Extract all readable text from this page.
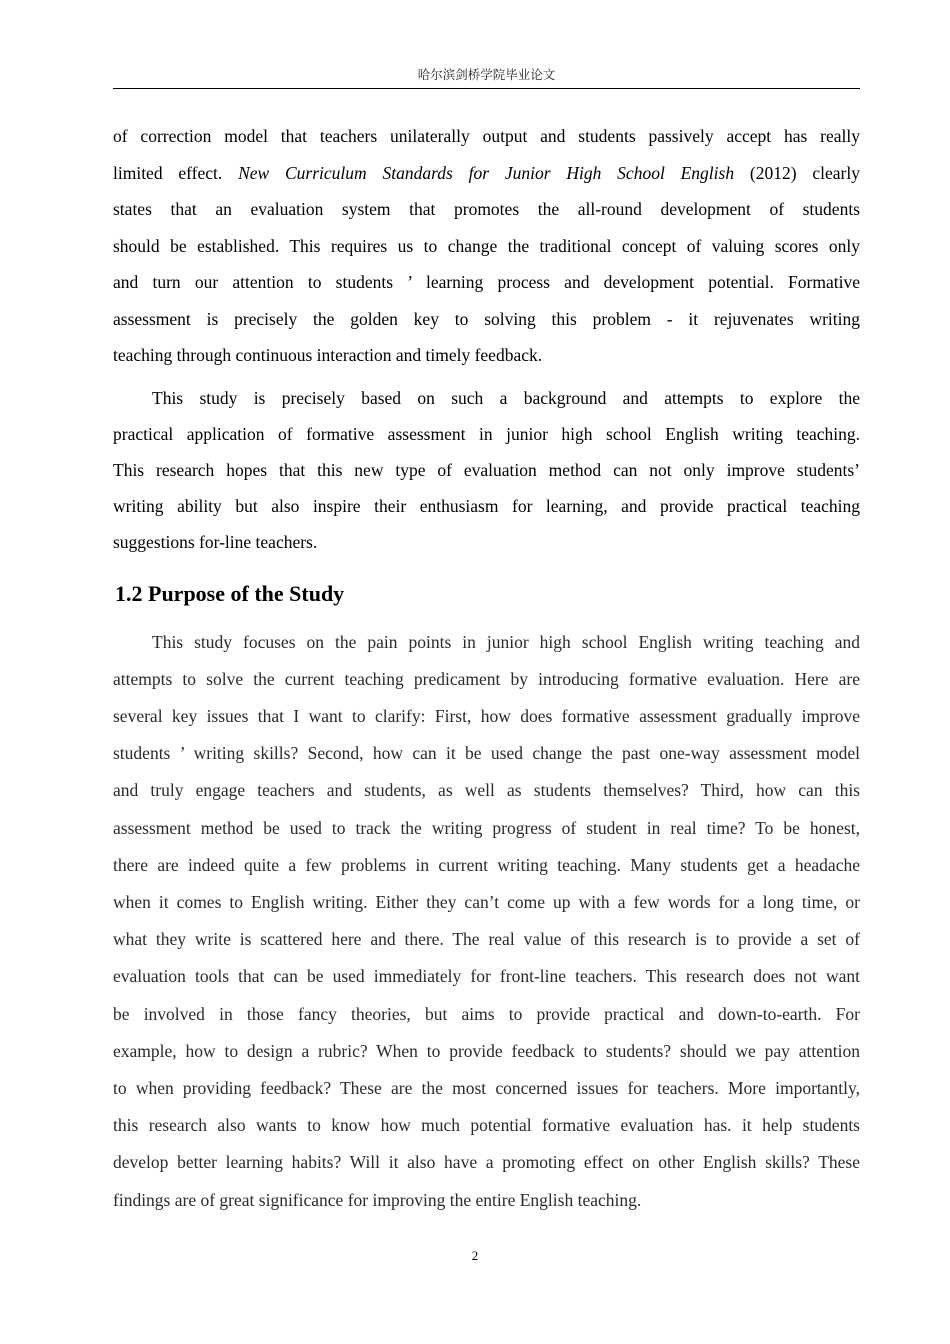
哈尔滨剑桥学院毕业论文

of correction model that teachers unilaterally output and students passively accept has really
limited effect. New Curriculum Standards for Junior High School English (2012) clearly
states that an evaluation system that promotes the all-round development of students
should be established. This requires us to change the traditional concept of valuing scores only
and turn our attention to students ’ learning process and development potential. Formative
assessment is precisely the golden key to solving this problem - it rejuvenates writing
teaching through continuous interaction and timely feedback.

This study is precisely based on such a background and attempts to explore the
practical application of formative assessment in junior high school English writing teaching.
This research hopes that this new type of evaluation method can not only improve students’
writing ability but also inspire their enthusiasm for learning, and provide practical teaching
suggestions for-line teachers.

1.2 Purpose of the Study

This study focuses on the pain points in junior high school English writing teaching and
attempts to solve the current teaching predicament by introducing formative evaluation. Here are
several key issues that I want to clarify: First, how does formative assessment gradually improve
students ’ writing skills? Second, how can it be used change the past one-way assessment model
and truly engage teachers and students, as well as students themselves? Third, how can this
assessment method be used to track the writing progress of student in real time? To be honest,
there are indeed quite a few problems in current writing teaching. Many students get a headache
when it comes to English writing. Either they can’t come up with a few words for a long time, or
what they write is scattered here and there. The real value of this research is to provide a set of
evaluation tools that can be used immediately for front-line teachers. This research does not want
be involved in those fancy theories, but aims to provide practical and down-to-earth. For
example, how to design a rubric? When to provide feedback to students? should we pay attention
to when providing feedback? These are the most concerned issues for teachers. More importantly,
this research also wants to know how much potential formative evaluation has. it help students
develop better learning habits? Will it also have a promoting effect on other English skills? These
findings are of great significance for improving the entire English teaching.

2
